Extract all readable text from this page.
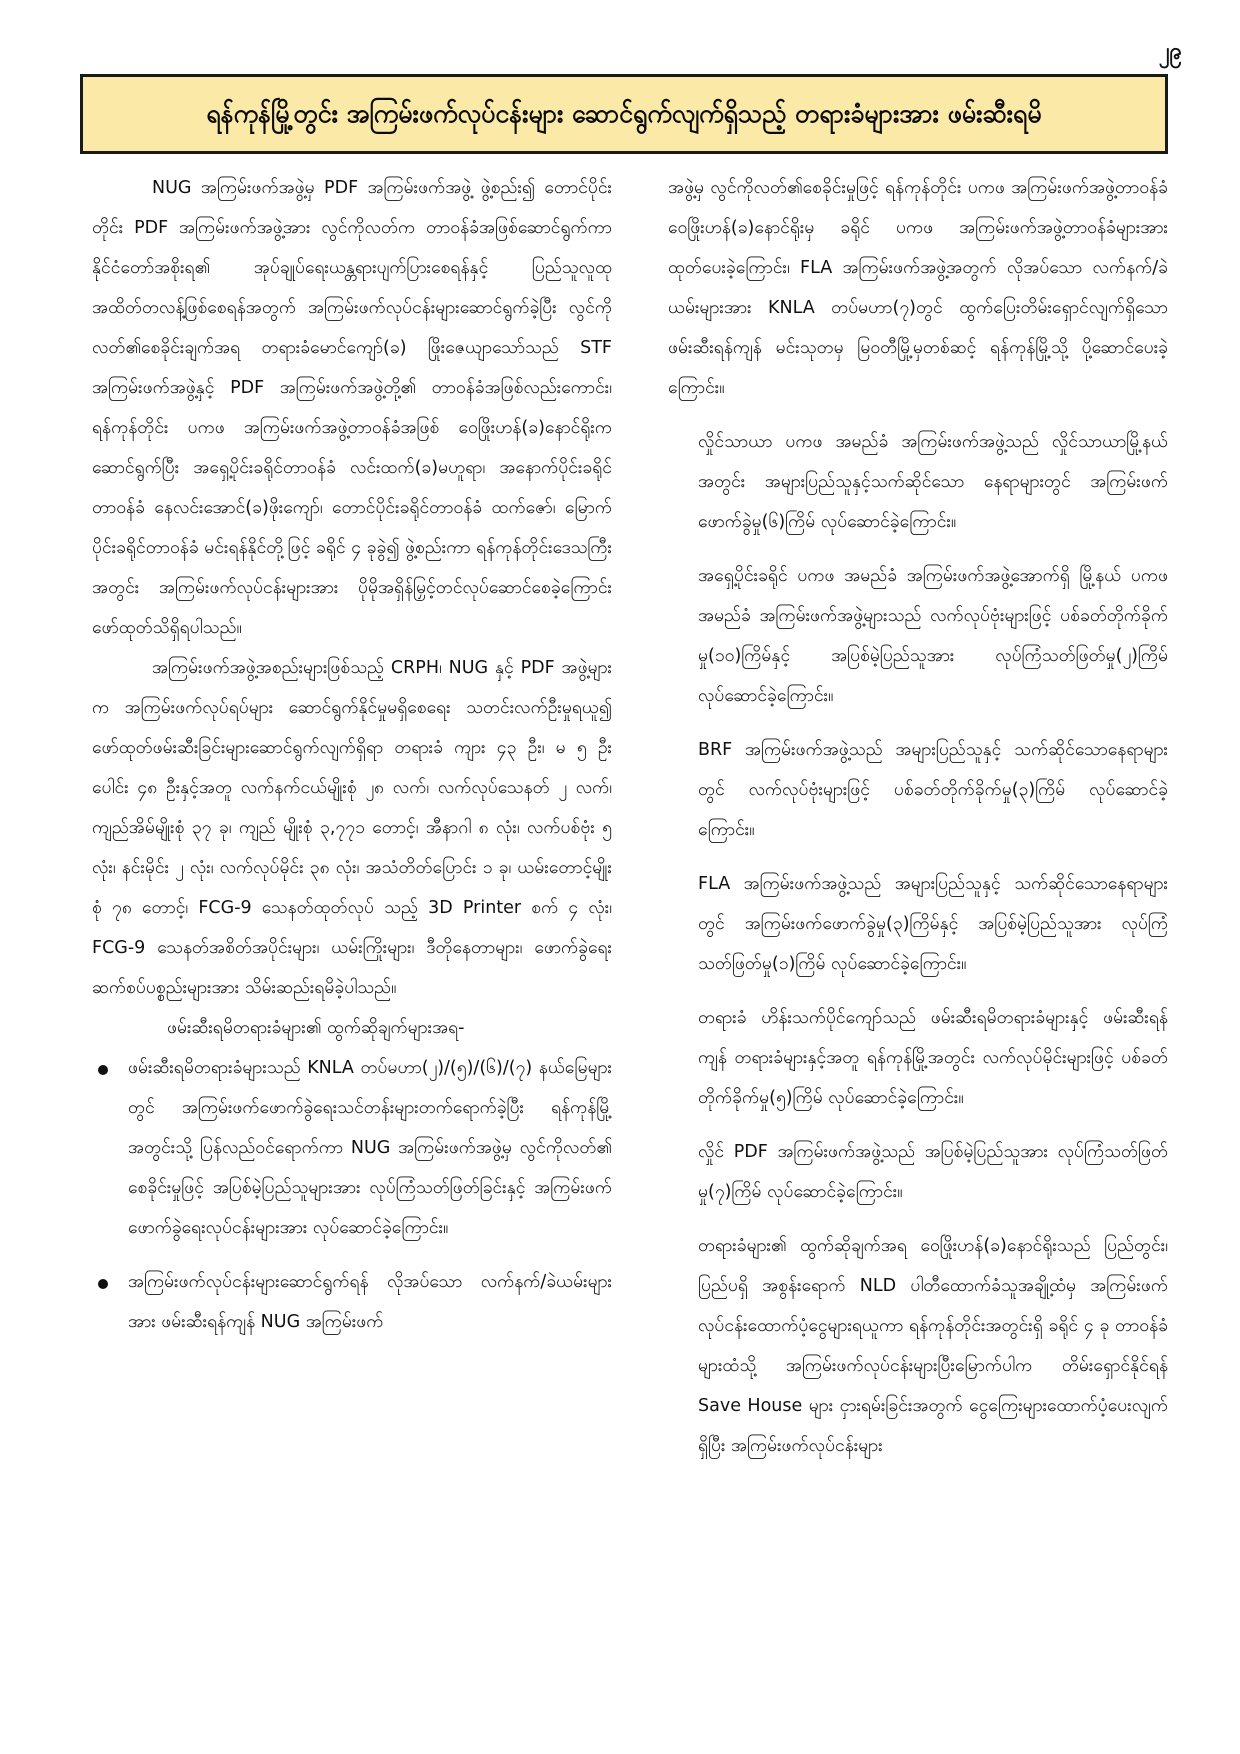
၂၉
ရန်ကုန်မြို့တွင်း အကြမ်းဖက်လုပ်ငန်းများ ဆောင်ရွက်လျက်ရှိသည့် တရားခံများအား ဖမ်းဆီးရမိ

NUG အကြမ်းဖက်အဖွဲ့မှ PDF အကြမ်းဖက်အဖွဲ့ ဖွဲ့စည်း၍ တောင်ပိုင်းတိုင်း PDF အကြမ်းဖက်အဖွဲ့အား လွင်ကိုလတ်က တာဝန်ခံအဖြစ်ဆောင်ရွက်ကာ နိုင်ငံတော်အစိုးရ၏ အုပ်ချုပ်ရေးယန္တရားပျက်ပြားစေရန်နှင့် ပြည်သူလူထုအထိတ်တလန့်ဖြစ်စေရန်အတွက် အကြမ်းဖက်လုပ်ငန်းများဆောင်ရွက်ခဲ့ပြီး လွင်ကိုလတ်၏စေခိုင်းချက်အရ တရားခံမောင်ကျော်(ခ) ဖြိုးဇေယျာသော်သည် STF အကြမ်းဖက်အဖွဲ့နှင့် PDF အကြမ်းဖက်အဖွဲ့တို့၏ တာဝန်ခံအဖြစ်လည်းကောင်း၊ ရန်ကုန်တိုင်း ပကဖ အကြမ်းဖက်အဖွဲ့တာဝန်ခံအဖြစ် ဝေဖြိုးဟန်(ခ)နောင်ရိုးက ဆောင်ရွက်ပြီး အရှေ့ပိုင်းခရိုင်တာဝန်ခံ လင်းထက်(ခ)မဟူရာ၊ အနောက်ပိုင်းခရိုင်တာဝန်ခံ နေလင်းအောင်(ခ)ဖိုးကျော်၊ တောင်ပိုင်းခရိုင်တာဝန်ခံ ထက်ဇော်၊ မြောက်ပိုင်းခရိုင်တာဝန်ခံ မင်းရန်နိုင်တို့ဖြင့် ခရိုင် ၄ ခုခွဲ၍ ဖွဲ့စည်းကာ ရန်ကုန်တိုင်းဒေသကြီးအတွင်း အကြမ်းဖက်လုပ်ငန်းများအား ပိုမိုအရှိန်မြှင့်တင်လုပ်ဆောင်စေခဲ့ကြောင်း ဖော်ထုတ်သိရှိရပါသည်။

အကြမ်းဖက်အဖွဲ့အစည်းများဖြစ်သည့် CRPH၊ NUG နှင့် PDF အဖွဲ့များက အကြမ်းဖက်လုပ်ရပ်များ ဆောင်ရွက်နိုင်မှုမရှိစေရေး သတင်းလက်ဦးမှုရယူ၍ ဖော်ထုတ်ဖမ်းဆီးခြင်းများဆောင်ရွက်လျက်ရှိရာ တရားခံ ကျား ၄၃ ဦး၊ မ ၅ ဦး ပေါင်း ၄၈ ဦးနှင့်အတူ လက်နက်ငယ်မျိုးစုံ ၂၈ လက်၊ လက်လုပ်သေနတ် ၂ လက်၊ ကျည်အိမ်မျိုးစုံ ၃၇ ခု၊ ကျည် မျိုးစုံ ၃,၇၇၁ တောင့်၊ အီနာဂါ ၈ လုံး၊ လက်ပစ်ဗုံး ၅ လုံး၊ နင်းမိုင်း ၂ လုံး၊ လက်လုပ်မိုင်း ၃၈ လုံး၊ အသံတိတ်ပြောင်း ၁ ခု၊ ယမ်းတောင့်မျိုးစုံ ၇၈ တောင့်၊ FCG-9 သေနတ်ထုတ်လုပ် သည့် 3D Printer စက် ၄ လုံး၊ FCG-9 သေနတ်အစိတ်အပိုင်းများ၊ ယမ်းကြိုးများ၊ ဒီတိုနေတာများ၊ ဖောက်ခွဲရေးဆက်စပ်ပစ္စည်းများအား သိမ်းဆည်းရမိခဲ့ပါသည်။

ဖမ်းဆီးရမိတရားခံများ၏ ထွက်ဆိုချက်များအရ-

ဖမ်းဆီးရမိတရားခံများသည် KNLA တပ်မဟာ(၂)/(၅)/(၆)/(၇) နယ်မြေများတွင် အကြမ်းဖက်ဖောက်ခွဲရေးသင်တန်းများတက်ရောက်ခဲ့ပြီး ရန်ကုန်မြို့အတွင်းသို့ ပြန်လည်ဝင်ရောက်ကာ NUG အကြမ်းဖက်အဖွဲ့မှ လွင်ကိုလတ်၏ စေခိုင်းမှုဖြင့် အပြစ်မဲ့ပြည်သူများအား လုပ်ကြံသတ်ဖြတ်ခြင်းနှင့် အကြမ်းဖက်ဖောက်ခွဲရေးလုပ်ငန်းများအား လုပ်ဆောင်ခဲ့ကြောင်း။
အကြမ်းဖက်လုပ်ငန်းများဆောင်ရွက်ရန် လိုအပ်သော လက်နက်/ခဲယမ်းများအား ဖမ်းဆီးရန်ကျန် NUG အကြမ်းဖက်

အဖွဲ့မှ လွင်ကိုလတ်၏စေခိုင်းမှုဖြင့် ရန်ကုန်တိုင်း ပကဖ အကြမ်းဖက်အဖွဲ့တာဝန်ခံ ဝေဖြိုးဟန်(ခ)နောင်ရိုးမှ ခရိုင် ပကဖ အကြမ်းဖက်အဖွဲ့တာဝန်ခံများအား ထုတ်ပေးခဲ့ကြောင်း၊ FLA အကြမ်းဖက်အဖွဲ့အတွက် လိုအပ်သော လက်နက်/ခဲယမ်းများအား KNLA တပ်မဟာ(၇)တွင် ထွက်ပြေးတိမ်းရှောင်လျက်ရှိသော ဖမ်းဆီးရန်ကျန် မင်းသုတမှ မြဝတီမြို့မှတစ်ဆင့် ရန်ကုန်မြို့သို့ ပို့ဆောင်ပေးခဲ့ကြောင်း။

လှိုင်သာယာ ပကဖ အမည်ခံ အကြမ်းဖက်အဖွဲ့သည် လှိုင်သာယာမြို့နယ်အတွင်း အများပြည်သူနှင့်သက်ဆိုင်သော နေရာများတွင် အကြမ်းဖက်ဖောက်ခွဲမှု(၆)ကြိမ် လုပ်ဆောင်ခဲ့ကြောင်း။
အရှေ့ပိုင်းခရိုင် ပကဖ အမည်ခံ အကြမ်းဖက်အဖွဲ့အောက်ရှိ မြို့နယ် ပကဖအမည်ခံ အကြမ်းဖက်အဖွဲ့များသည် လက်လုပ်ဗုံးများဖြင့် ပစ်ခတ်တိုက်ခိုက်မှု(၁၀)ကြိမ်နှင့် အပြစ်မဲ့ပြည်သူအား လုပ်ကြံသတ်ဖြတ်မှု(၂)ကြိမ် လုပ်ဆောင်ခဲ့ကြောင်း။
BRF အကြမ်းဖက်အဖွဲ့သည် အများပြည်သူနှင့် သက်ဆိုင်သောနေရာများတွင် လက်လုပ်ဗုံးများဖြင့် ပစ်ခတ်တိုက်ခိုက်မှု(၃)ကြိမ် လုပ်ဆောင်ခဲ့ကြောင်း။
FLA အကြမ်းဖက်အဖွဲ့သည် အများပြည်သူနှင့် သက်ဆိုင်သောနေရာများတွင် အကြမ်းဖက်ဖောက်ခွဲမှု(၃)ကြိမ်နှင့် အပြစ်မဲ့ပြည်သူအား လုပ်ကြံသတ်ဖြတ်မှု(၁)ကြိမ် လုပ်ဆောင်ခဲ့ကြောင်း။
တရားခံ ဟိန်းသက်ပိုင်ကျော်သည် ဖမ်းဆီးရမိတရားခံများနှင့် ဖမ်းဆီးရန်ကျန် တရားခံများနှင့်အတူ ရန်ကုန်မြို့အတွင်း လက်လုပ်မိုင်းများဖြင့် ပစ်ခတ်တိုက်ခိုက်မှု(၅)ကြိမ် လုပ်ဆောင်ခဲ့ကြောင်း။
လှိုင် PDF အကြမ်းဖက်အဖွဲ့သည် အပြစ်မဲ့ပြည်သူအား လုပ်ကြံသတ်ဖြတ်မှု(၇)ကြိမ် လုပ်ဆောင်ခဲ့ကြောင်း။
တရားခံများ၏ ထွက်ဆိုချက်အရ ဝေဖြိုးဟန်(ခ)နောင်ရိုးသည် ပြည်တွင်း၊ ပြည်ပရှိ အစွန်းရောက် NLD ပါတီထောက်ခံသူအချို့ထံမှ အကြမ်းဖက်လုပ်ငန်းထောက်ပံ့ငွေများရယူကာ ရန်ကုန်တိုင်းအတွင်းရှိ ခရိုင် ၄ ခု တာဝန်ခံများထံသို့ အကြမ်းဖက်လုပ်ငန်းများပြီးမြောက်ပါက တိမ်းရှောင်နိုင်ရန် Save House များ ငှားရမ်းခြင်းအတွက် ငွေကြေးများထောက်ပံ့ပေးလျက်ရှိပြီး အကြမ်းဖက်လုပ်ငန်းများ
